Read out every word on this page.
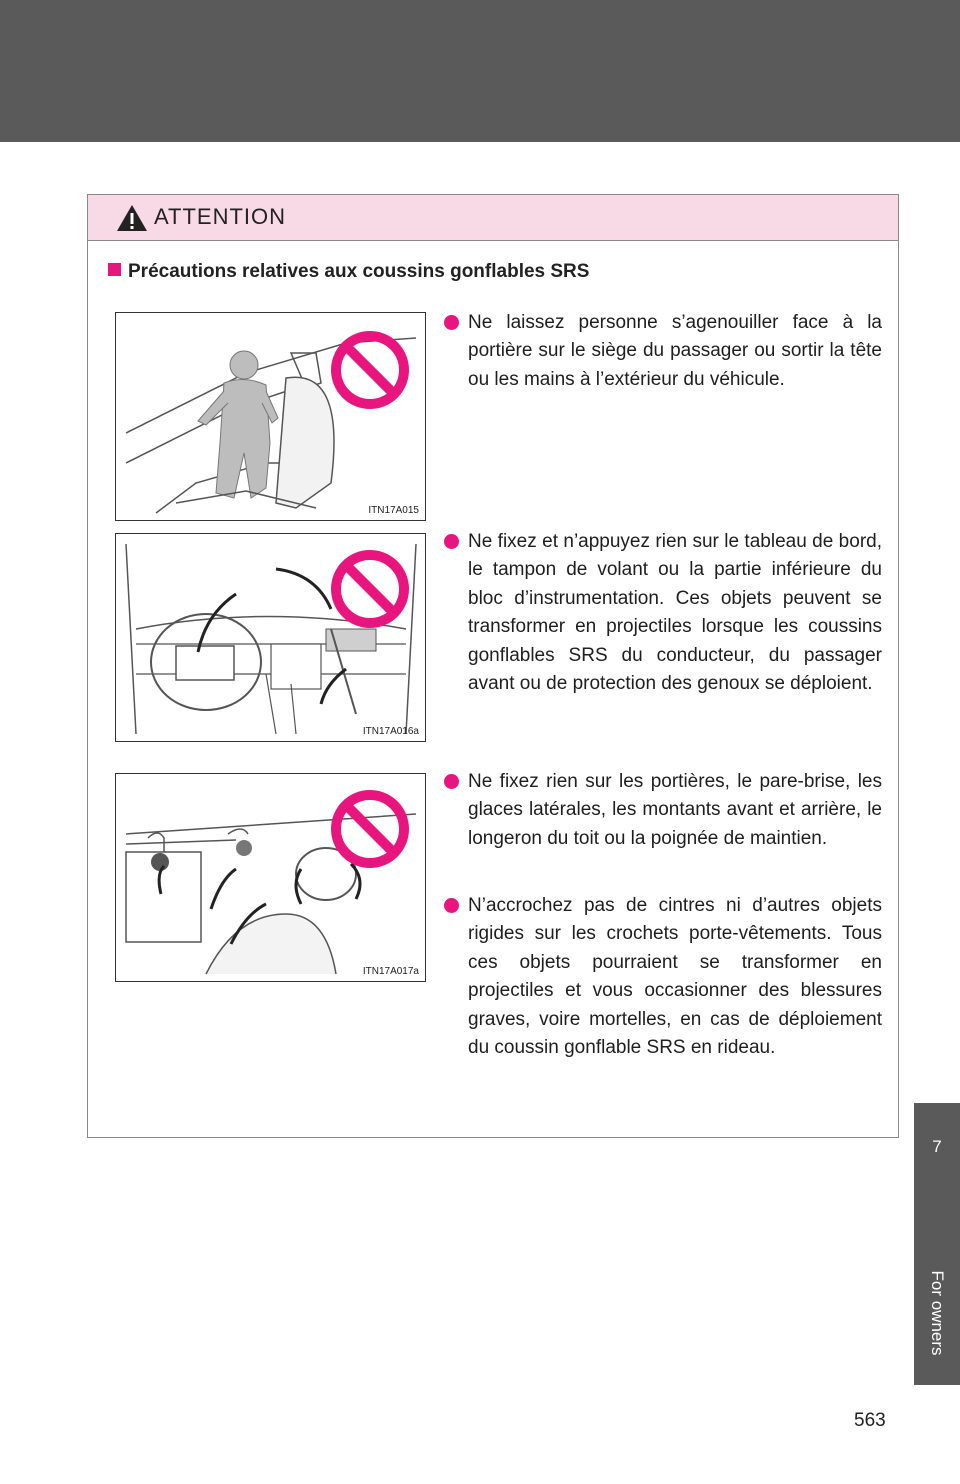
7
For owners
563
ATTENTION
Précautions relatives aux coussins gonflables SRS
ITN17A015
ITN17A016a
ITN17A017a
Ne laissez personne s’agenouiller face à la portière sur le siège du passager ou sortir la tête ou les mains à l’extérieur du véhicule.
Ne fixez et n’appuyez rien sur le tableau de bord, le tampon de volant ou la partie inférieure du bloc d’instrumentation. Ces objets peuvent se transformer en projectiles lorsque les coussins gonflables SRS du conducteur, du passager avant ou de protection des genoux se déploient.
Ne fixez rien sur les portières, le pare-brise, les glaces latérales, les montants avant et arrière, le longeron du toit ou la poignée de maintien.
N’accrochez pas de cintres ni d’autres objets rigides sur les crochets porte-vêtements. Tous ces objets pourraient se transformer en projectiles et vous occasionner des blessures graves, voire mortelles, en cas de déploiement du coussin gonflable SRS en rideau.
